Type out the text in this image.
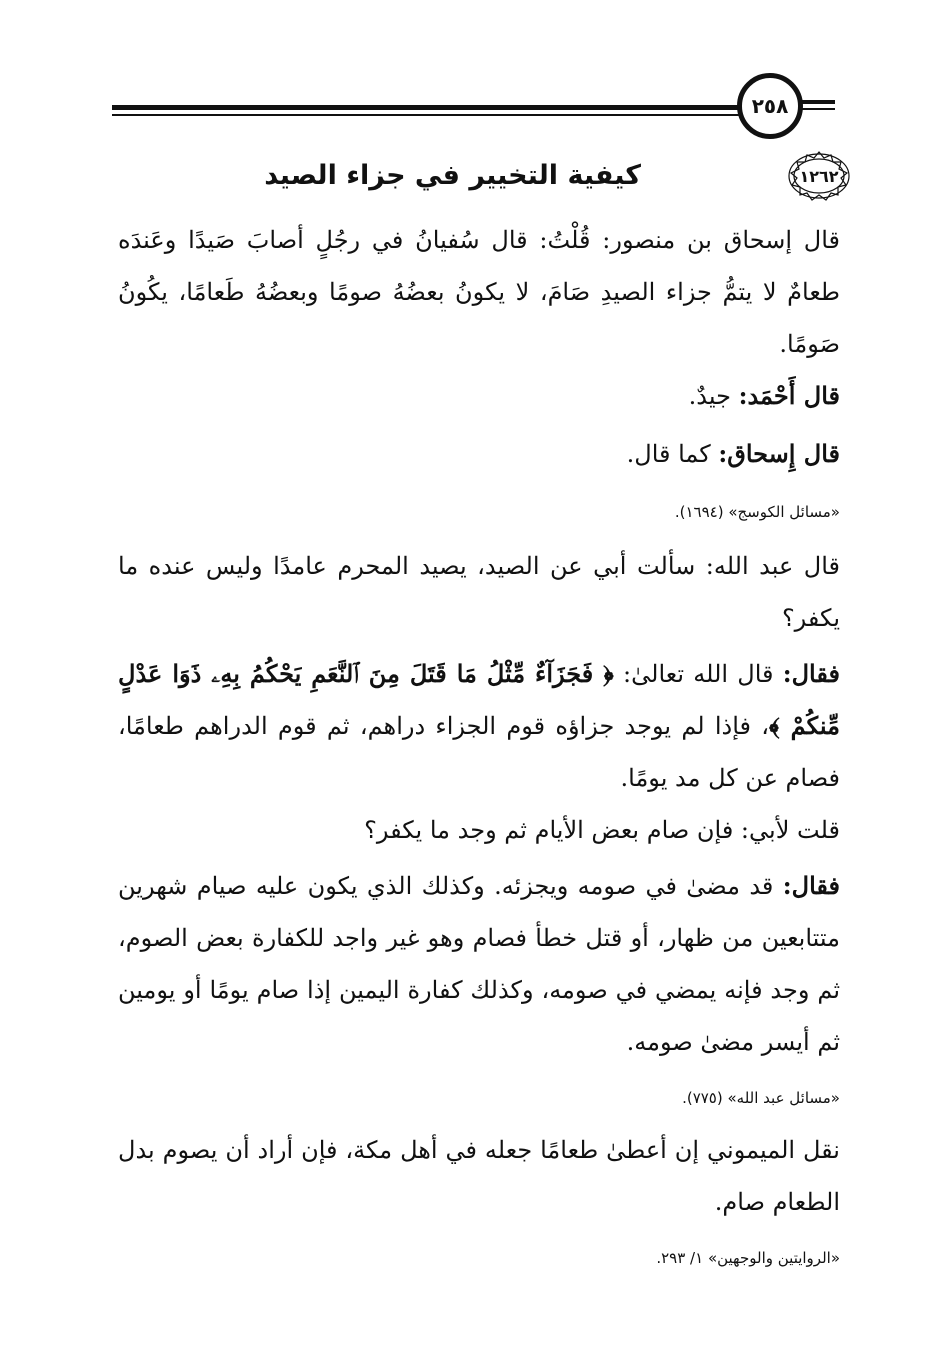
٢٥٨
١٢٦٢
كيفية التخيير في جزاء الصيد
قال إسحاق بن منصور: قُلْتُ: قال سُفيانُ في رجُلٍ أصابَ صَيدًا وعَندَه طعامٌ لا يتمُّ جزاء الصيدِ صَامَ، لا يكونُ بعضُهُ صومًا وبعضُهُ طَعامًا، يكُونُ صَومًا.
قال أَحْمَد: جيدٌ.
قال إِسحاق: كما قال.
«مسائل الكوسج» (١٦٩٤).
قال عبد الله: سألت أبي عن الصيد، يصيد المحرم عامدًا وليس عنده ما يكفر؟
فقال: قال الله تعالىٰ: ﴿ فَجَزَآءٌ مِّثْلُ مَا قَتَلَ مِنَ ٱلنَّعَمِ يَحْكُمُ بِهِۦ ذَوَا عَدْلٍ مِّنكُمْ ﴾، فإذا لم يوجد جزاؤه قوم الجزاء دراهم، ثم قوم الدراهم طعامًا، فصام عن كل مد يومًا.
قلت لأبي: فإن صام بعض الأيام ثم وجد ما يكفر؟
فقال: قد مضىٰ في صومه ويجزئه. وكذلك الذي يكون عليه صيام شهرين متتابعين من ظهار، أو قتل خطأ فصام وهو غير واجد للكفارة بعض الصوم، ثم وجد فإنه يمضي في صومه، وكذلك كفارة اليمين إذا صام يومًا أو يومين ثم أيسر مضىٰ صومه.
«مسائل عبد الله» (٧٧٥).
نقل الميموني إن أعطىٰ طعامًا جعله في أهل مكة، فإن أراد أن يصوم بدل الطعام صام.
«الروايتين والوجهين» ١/ ٢٩٣.
